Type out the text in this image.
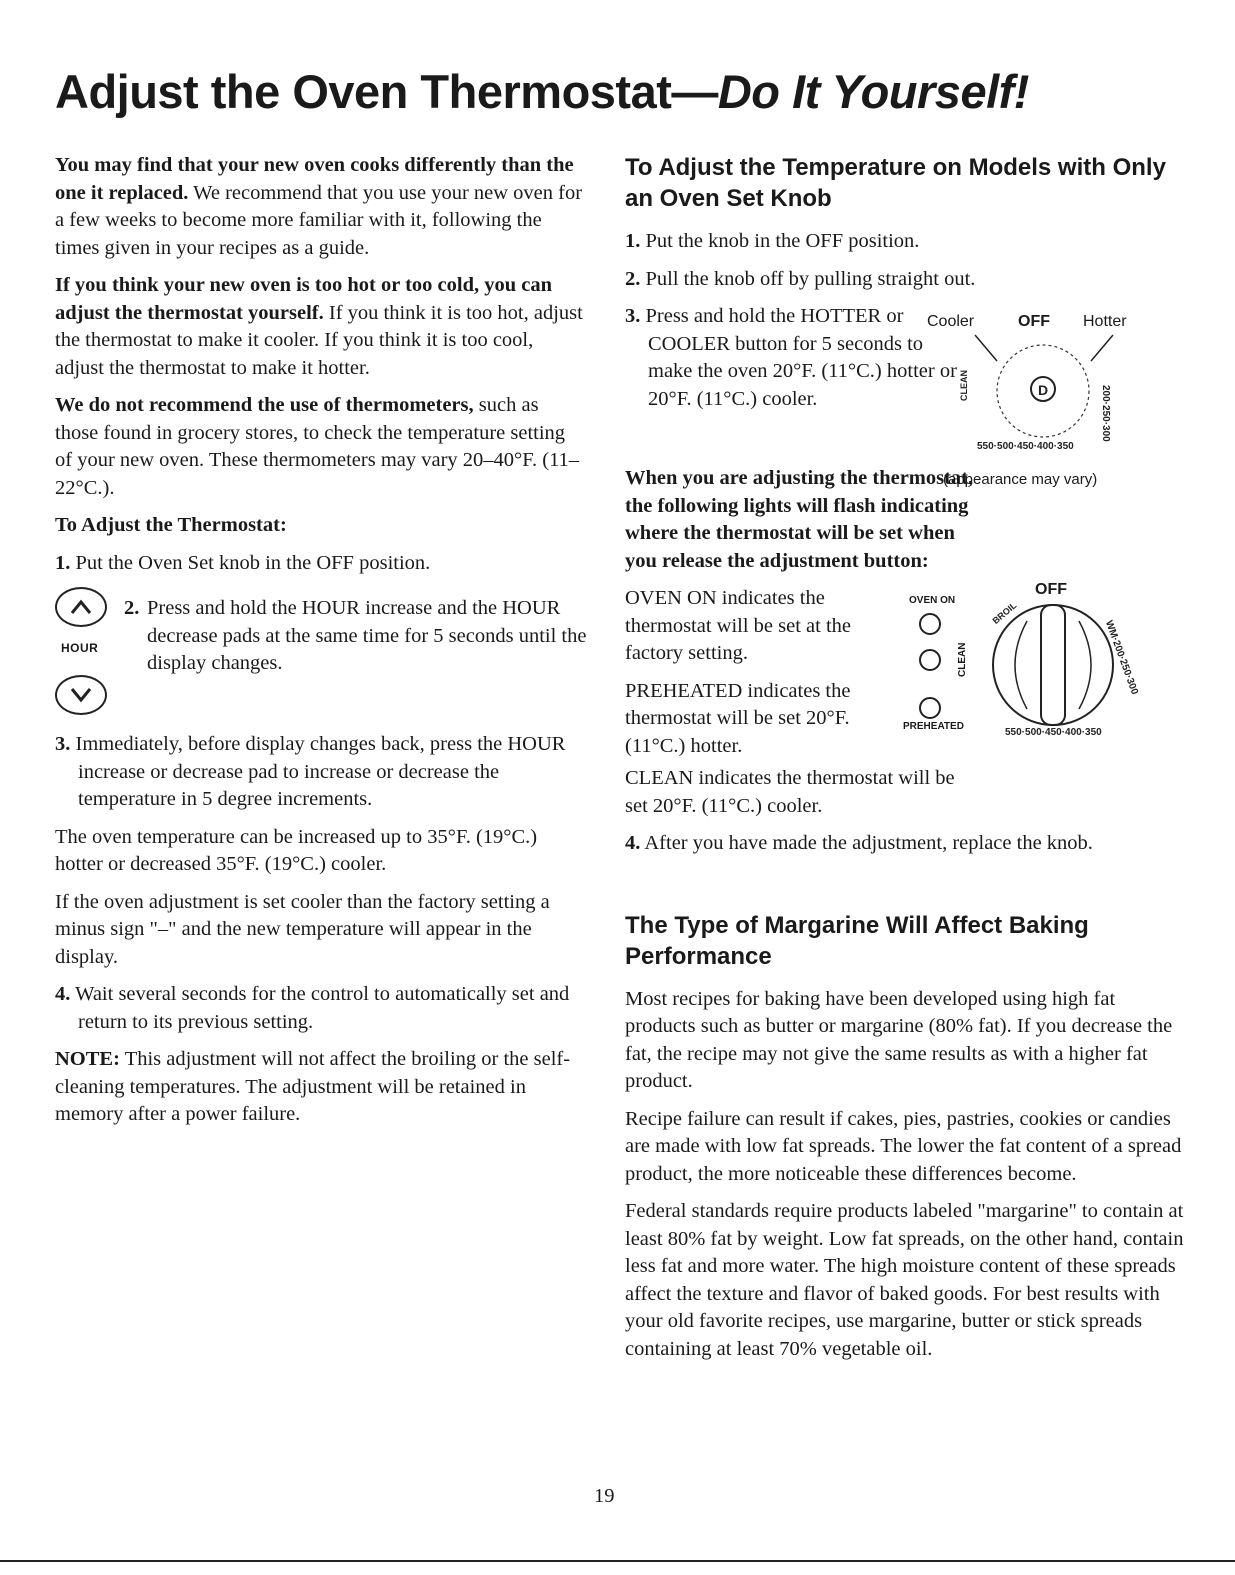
Adjust the Oven Thermostat—Do It Yourself!

You may find that your new oven cooks differently than the one it replaced. We recommend that you use your new oven for a few weeks to become more familiar with it, following the times given in your recipes as a guide.

If you think your new oven is too hot or too cold, you can adjust the thermostat yourself. If you think it is too hot, adjust the thermostat to make it cooler. If you think it is too cool, adjust the thermostat to make it hotter.

We do not recommend the use of thermometers, such as those found in grocery stores, to check the temperature setting of your new oven. These thermometers may vary 20–40°F. (11–22°C.).

To Adjust the Thermostat:

1. Put the Oven Set knob in the OFF position.

HOUR
2. Press and hold the HOUR increase and the HOUR decrease pads at the same time for 5 seconds until the display changes.

3. Immediately, before display changes back, press the HOUR increase or decrease pad to increase or decrease the temperature in 5 degree increments.

The oven temperature can be increased up to 35°F. (19°C.) hotter or decreased 35°F. (19°C.) cooler.

If the oven adjustment is set cooler than the factory setting a minus sign "–" and the new temperature will appear in the display.

4. Wait several seconds for the control to automatically set and return to its previous setting.

NOTE: This adjustment will not affect the broiling or the self-cleaning temperatures. The adjustment will be retained in memory after a power failure.

To Adjust the Temperature on Models with Only an Oven Set Knob

1. Put the knob in the OFF position.

2. Pull the knob off by pulling straight out.

3. Press and hold the HOTTER or COOLER button for 5 seconds to make the oven 20°F. (11°C.) hotter or 20°F. (11°C.) cooler.

Cooler	OFF Hotter
D
CLEAN
550·500·450·400·350
200·250·300
(appearance may vary)

When you are adjusting the thermostat, the following lights will flash indicating where the thermostat will be set when you release the adjustment button:

OVEN ON indicates the thermostat will be set at the factory setting.

PREHEATED indicates the thermostat will be set 20°F. (11°C.) hotter.

OVEN ON
PREHEATED
CLEAN
OFF
BROIL
WM·200·250·300
550·500·450·400·350

CLEAN indicates the thermostat will be set 20°F. (11°C.) cooler.

4. After you have made the adjustment, replace the knob.

The Type of Margarine Will Affect Baking Performance

Most recipes for baking have been developed using high fat products such as butter or margarine (80% fat). If you decrease the fat, the recipe may not give the same results as with a higher fat product.

Recipe failure can result if cakes, pies, pastries, cookies or candies are made with low fat spreads. The lower the fat content of a spread product, the more noticeable these differences become.

Federal standards require products labeled "margarine" to contain at least 80% fat by weight. Low fat spreads, on the other hand, contain less fat and more water. The high moisture content of these spreads affect the texture and flavor of baked goods. For best results with your old favorite recipes, use margarine, butter or stick spreads containing at least 70% vegetable oil.

19
